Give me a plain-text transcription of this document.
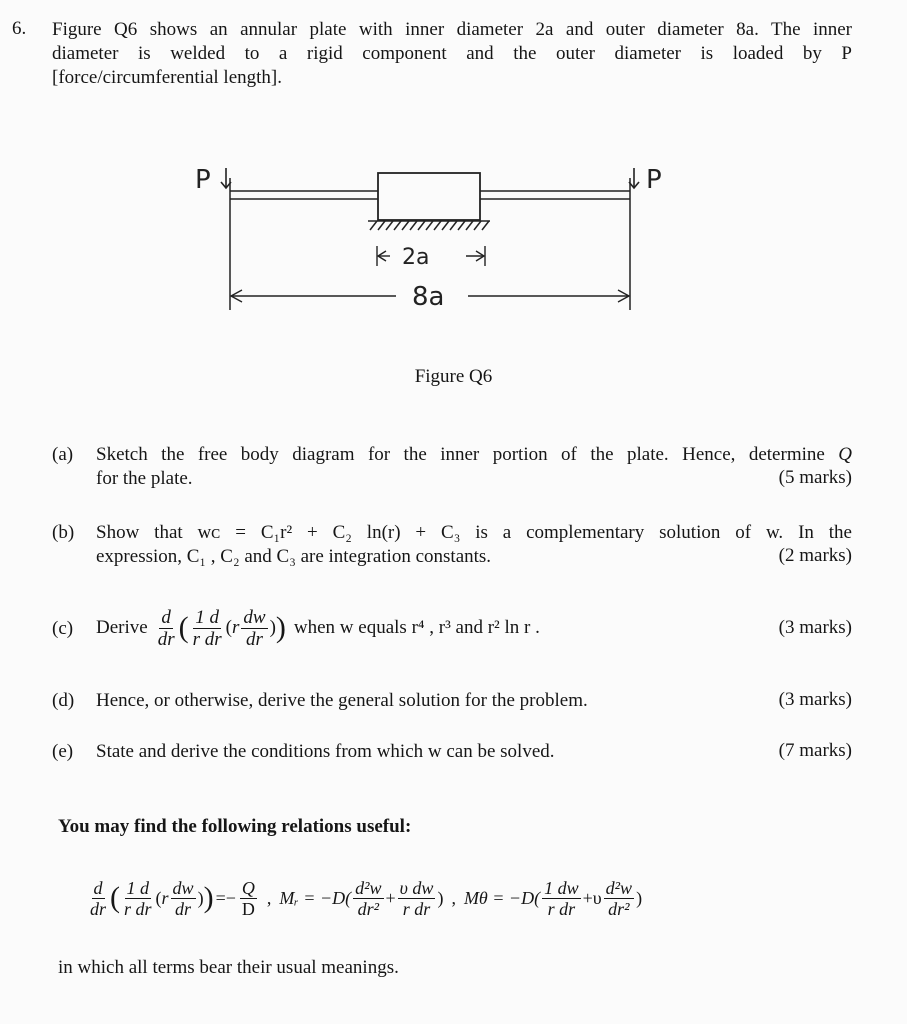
6. Figure Q6 shows an annular plate with inner diameter 2a and outer diameter 8a. The inner
diameter is welded to a rigid component and the outer diameter is loaded by P
[force/circumferential length].
P	P
2a
8a
Figure Q6
(a) Sketch the free body diagram for the inner portion of the plate. Hence, determine Q
for the plate.	(5 marks)
(b) Show that wᴄ = C₁r² + C₂ ln(r) + C₃ is a complementary solution of w. In the
expression, C₁ , C₂ and C₃ are integration constants.	(2 marks)
(c) Derive $\frac{d}{dr}$ ( $\frac{1 d}{\text{r dr}}$ ( r $\frac{dw}{dr}$ ) ) when w equals r⁴ , r³ and r² ln r .	(3 marks)
(d) Hence, or otherwise, derive the general solution for the problem.	(3 marks)
(e) State and derive the conditions from which w can be solved.	(7 marks)
You may find the following relations useful:
$\frac{d}{dr}$ ( $\frac{1 d}{\text{r dr}}$ ( r $\frac{dw}{dr}$ ) ) =− $\frac{Q}{D}$ , Mᵣ = $-D( \frac{\text{d²w}}{\text{dr²}} + \frac{\text{υ dw}}{\text{r dr}}$ ) , $M\theta = -D( \frac{1 dw}{\text{r dr}} +\upsilon \frac{\text{d²w}}{\text{dr²}}$ )
in which all terms bear their usual meanings.
